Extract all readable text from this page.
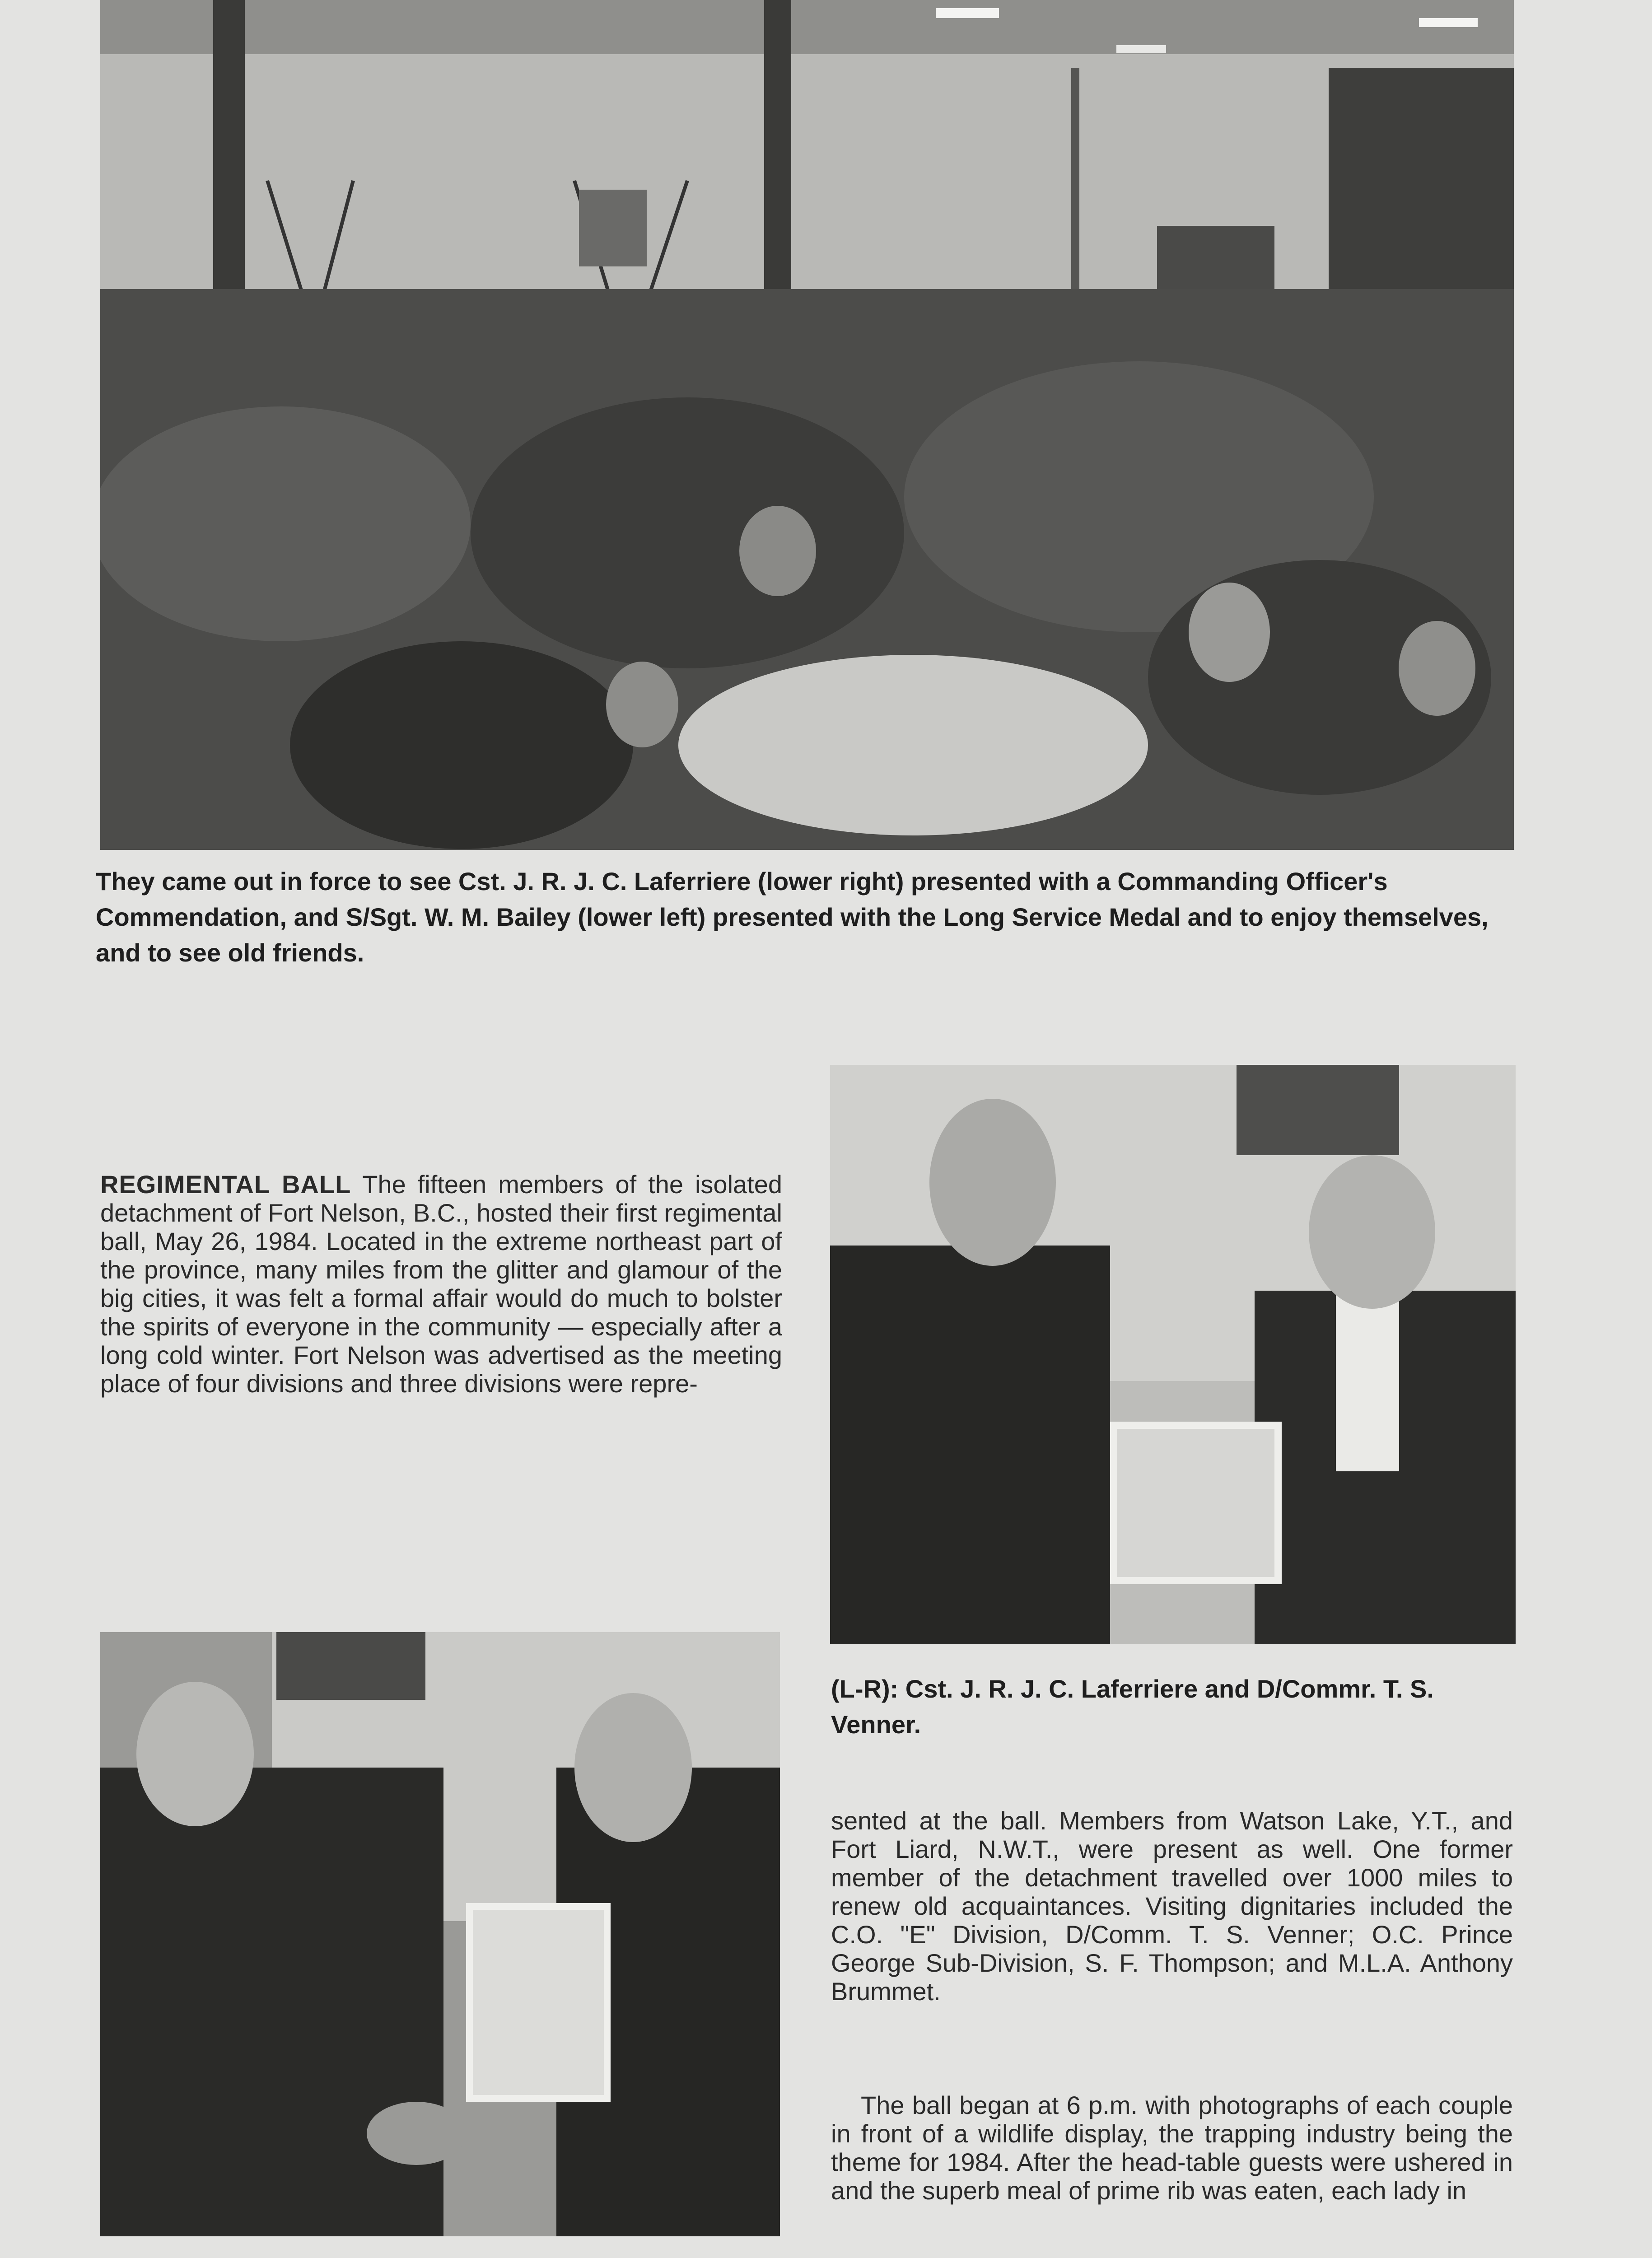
They came out in force to see Cst. J. R. J. C. Laferriere (lower right) presented with a Commanding Officer's Commendation, and S/Sgt. W. M. Bailey (lower left) presented with the Long Service Medal and to enjoy themselves, and to see old friends.

REGIMENTAL BALL The fifteen members of the isolated detachment of Fort Nelson, B.C., hosted their first regimental ball, May 26, 1984. Located in the extreme northeast part of the province, many miles from the glitter and glamour of the big cities, it was felt a formal affair would do much to bolster the spirits of everyone in the community — especially after a long cold winter. Fort Nelson was advertised as the meeting place of four divisions and three divisions were repre-

(L-R): Cst. J. R. J. C. Laferriere and D/Commr. T. S. Venner.

sented at the ball. Members from Watson Lake, Y.T., and Fort Liard, N.W.T., were present as well. One former member of the detachment travelled over 1000 miles to renew old acquaintances. Visiting dignitaries included the C.O. "E" Division, D/Comm. T. S. Venner; O.C. Prince George Sub-Division, S. F. Thompson; and M.L.A. Anthony Brummet.

The ball began at 6 p.m. with photographs of each couple in front of a wildlife display, the trapping industry being the theme for 1984. After the head-table guests were ushered in and the superb meal of prime rib was eaten, each lady in
